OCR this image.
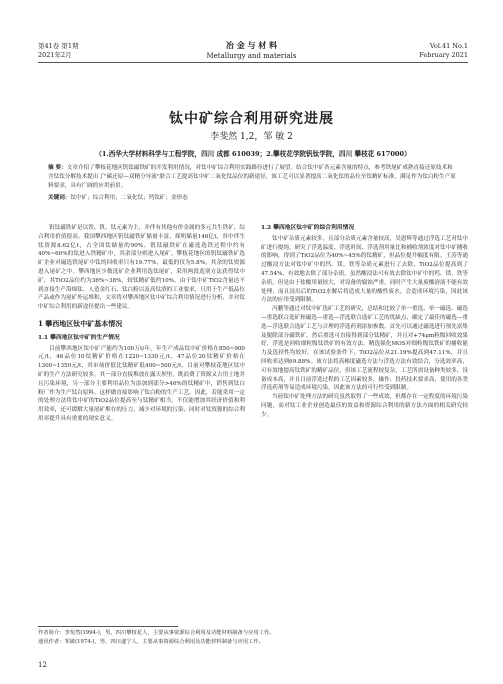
第41卷 第1期
2021年2月
冶 金 与 材 料
Metallurgy and materials
Vol.41 No.1
February 2021
钛中矿综合利用研究进展
李斐然 1,2，邹 敏 2
（1.西华大学材料科学与工程学院，四川 成都 610039；2.攀枝花学院钒钛学院，四川 攀枝花 617000）
摘 要：文章介绍了攀枝花地区钒钛磁铁矿的开发利用情况，对钛中矿综合利用实践路径进行了展望。结合钛中矿各元素含量的特点，参考铁尾矿成熟直接还原技术和含钛钛分解技术提出了"碳还原—双精分导流"联合工艺提高钛中矿二氧化钛品位的新途径，该工艺可以显著提高二氧化钛的品位至钛精矿标准，满足作为钛白粉生产原料要求，具有广阔的应用前景。
关键词：钛中矿；综合利用；二氧化钛；钙钛矿；金形态

钒钛磁铁矿是以铁、钒、钛元素为主，并伴有其他有价金属的多元共生铁矿，综合利用价值很高。我国攀西地区钒钛磁铁矿储量丰富，探明储量146亿t，其中伴生钛资源8.62亿t，占全国钛储量的90%。钒钛磁铁矿在磁选选铁过程中约有40%~60%的钛进入铁精矿中，其余部分则进入尾矿。攀枝花地区的钒钛磁铁矿选矿企业对磁选铁尾矿中钛的回收率只有19.77%，最低的仅为5.8%，其余的钛资源进入尾矿之中。攀西地区少数选矿企业利用选钛尾矿，采用两段选别方法获得钛中矿，其TiO2品位约为36%~38%，较钛精矿低约10%。由于钛中矿TiO2含量达不到直接生产海绵钛、人造金红石、钛白粉以及高钛渣的工业要求，只用于生产低品位产品或作为尾矿外运堆积，文章将对攀西地区钛中矿综合利用情况进行分析，并对钛中矿综合利用的新途径提出一些建议。

1 攀西地区钛中矿基本情况
1.1 攀西地区钛中矿的生产情况

目前攀西地区钛中矿产能约为100万t/年，年生产成品钛中矿价格在850~900元/t，46品位10钛精矿价格在1220~1330元/t，47品位20钛精矿价格在1300~1350元/t，其市场价值比钛精矿低400~500元/t。目前对攀枝花地区钛中矿的生产方法研究较多，其一部分直接堆放在露天坝里，既浪费了资源又占用土地并且污染环境，另一部分主要利用品位为添加到部分>46%的钛精矿中，销售到钛白粉厂作为生产钛白原料，这样做直接影响了钛白粉的生产工艺。因此，若能采用一定的处理方法将钛中矿的TiO2品位提高至与钛精矿相当，不仅能增加其经济价值和利用效率，还可缓解大量尾矿堆存的压力，减少对环境的污染，同时对钛资源的综合利用率提升具有重要的现实意义。

1.2 攀西地区钛中矿的综合利用情况

钛中矿杂质元素较多，且部分杂质元素含量较高，吴恩辉等通过浮选工艺对钛中矿进行提纯，研究了浮选温度、浮选时间、浮选剂用量比和捕收剂浓度对钛中矿捕收的影响，得到了TiO2品位为40%~45%的钛精矿，但品位提升幅度有限。王涛等通过酸浸方法对钛中矿中的钙、镁、铁等杂质元素进行了去除，TiO2品位提高到了47.54%，有效地去除了部分杂质，虽然酸浸法可有效去除钛中矿中的钙、镁、铁等杂质，但是由于盐酸用量较大，对设备的腐蚀严重，同时产生大量废酸溶液不能有效处理，而且浸出后的TiO2水解后将造成大量的酸性废水，会造成环境污染，因此该方法的应用受到限制。

冯鹏等通过对钛中矿选矿工艺的研究，总结和比较了单一重选、单一磁选、磁选—重选联合选矿和磁选—重选—浮选联合选矿工艺的优缺点，确定了最佳的磁选—重选—浮选联合选矿工艺与合理的浮选药剂添加参数。首先可以通过磁选进行预先富集及脱除部分磁铁矿，然后重选可直接得到部分钛精矿，并且对+74μm粒级回收效果好，浮选是回收细粒级钛铁矿的有效方法。精选强化MOS对细粒级钛铁矿的捕收能力及选择性均较好。在该试验条件下，TiO2品位从21.19%提高到47.11%，并且回收率达到69.88%。该方法将高梯度磁选方法与浮选方法有效结合，分选效率高，可有效地提高钛铁矿的精矿品位，但该工艺流程较复杂，工艺所需设备种类较多，设备成本高，并且目前浮选过程的工艺因素较多，操作、投药技术要求高，使用的各类浮选药剂等易造成环境污染，因此该方法的可行性受到限制。

当前钛中矿处理方法的研究虽然取得了一些成效，但都存在一定程度的环境污染问题，而对钛工业企业创造最佳的效益和资源综合利用的新方法方面的相关研究较少。

作者简介：李斐然(1994-)，男，四川攀枝花人，主要从事资源综合利用及功能材料制备与应用工作。
通讯作者：邹敏(1974-)，男，四川遂宁人，主要从事资源综合利用及功能材料制备与应用工作。
12
